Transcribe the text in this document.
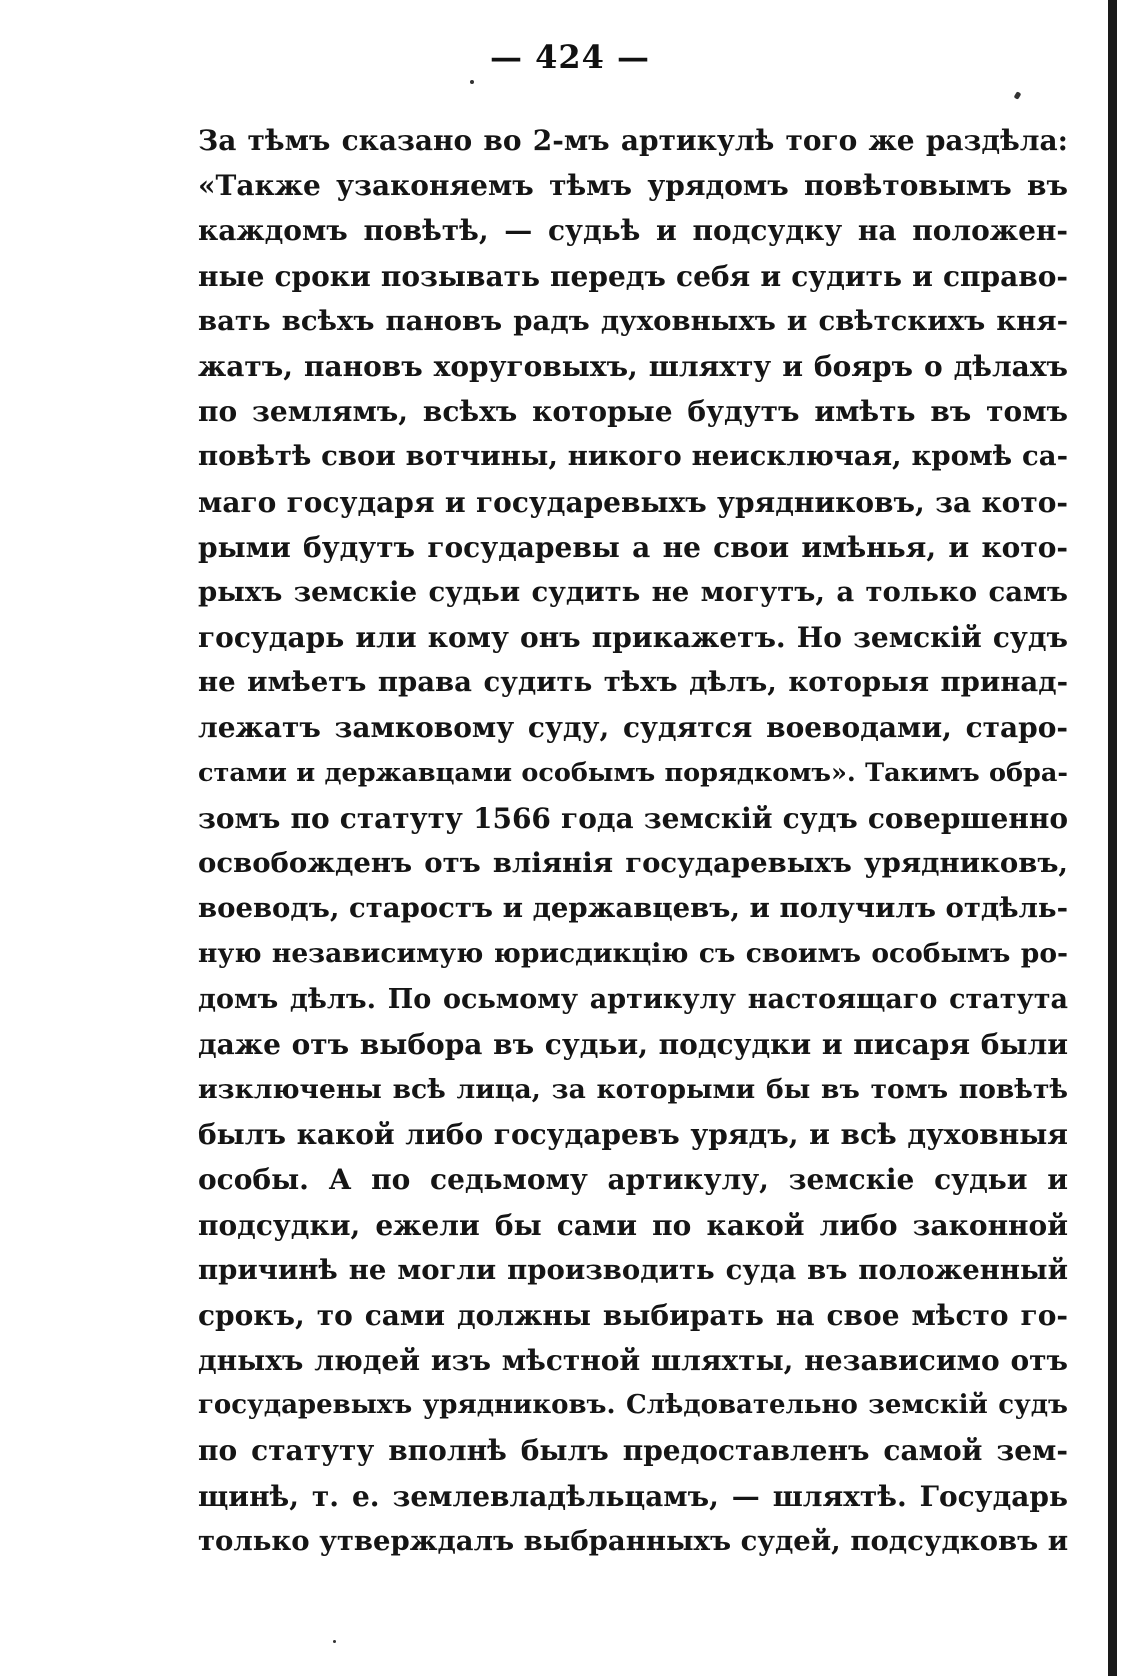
— 424 —
За тѣмъ сказано во 2-мъ артикулѣ того же раздѣла:
«Также узаконяемъ тѣмъ урядомъ повѣтовымъ въ
каждомъ повѣтѣ, — судьѣ и подсудку на положен-
ные сроки позывать передъ себя и судить и справо-
вать всѣхъ пановъ радъ духовныхъ и свѣтскихъ кня-
жатъ, пановъ хоруговыхъ, шляхту и бояръ о дѣлахъ
по землямъ, всѣхъ которые будутъ имѣть въ томъ
повѣтѣ свои вотчины, никого неисключая, кромѣ са-
маго государя и государевыхъ урядниковъ, за кото-
рыми будутъ государевы а не свои имѣнья, и кото-
рыхъ земскіе судьи судить не могутъ, а только самъ
государь или кому онъ прикажетъ. Но земскій судъ
не имѣетъ права судить тѣхъ дѣлъ, которыя принад-
лежатъ замковому суду, судятся воеводами, старо-
стами и державцами особымъ порядкомъ». Такимъ обра-
зомъ по статуту 1566 года земскій судъ совершенно
освобожденъ отъ вліянія государевыхъ урядниковъ,
воеводъ, старостъ и державцевъ, и получилъ отдѣль-
ную независимую юрисдикцію съ своимъ особымъ ро-
домъ дѣлъ. По осьмому артикулу настоящаго статута
даже отъ выбора въ судьи, подсудки и писаря были
изключены всѣ лица, за которыми бы въ томъ повѣтѣ
былъ какой либо государевъ урядъ, и всѣ духовныя
особы. А по седьмому артикулу, земскіе судьи и
подсудки, ежели бы сами по какой либо законной
причинѣ не могли производить суда въ положенный
срокъ, то сами должны выбирать на свое мѣсто го-
дныхъ людей изъ мѣстной шляхты, независимо отъ
государевыхъ урядниковъ. Слѣдовательно земскій судъ
по статуту вполнѣ былъ предоставленъ самой зем-
щинѣ, т. е. землевладѣльцамъ, — шляхтѣ. Государь
только утверждалъ выбранныхъ судей, подсудковъ и
